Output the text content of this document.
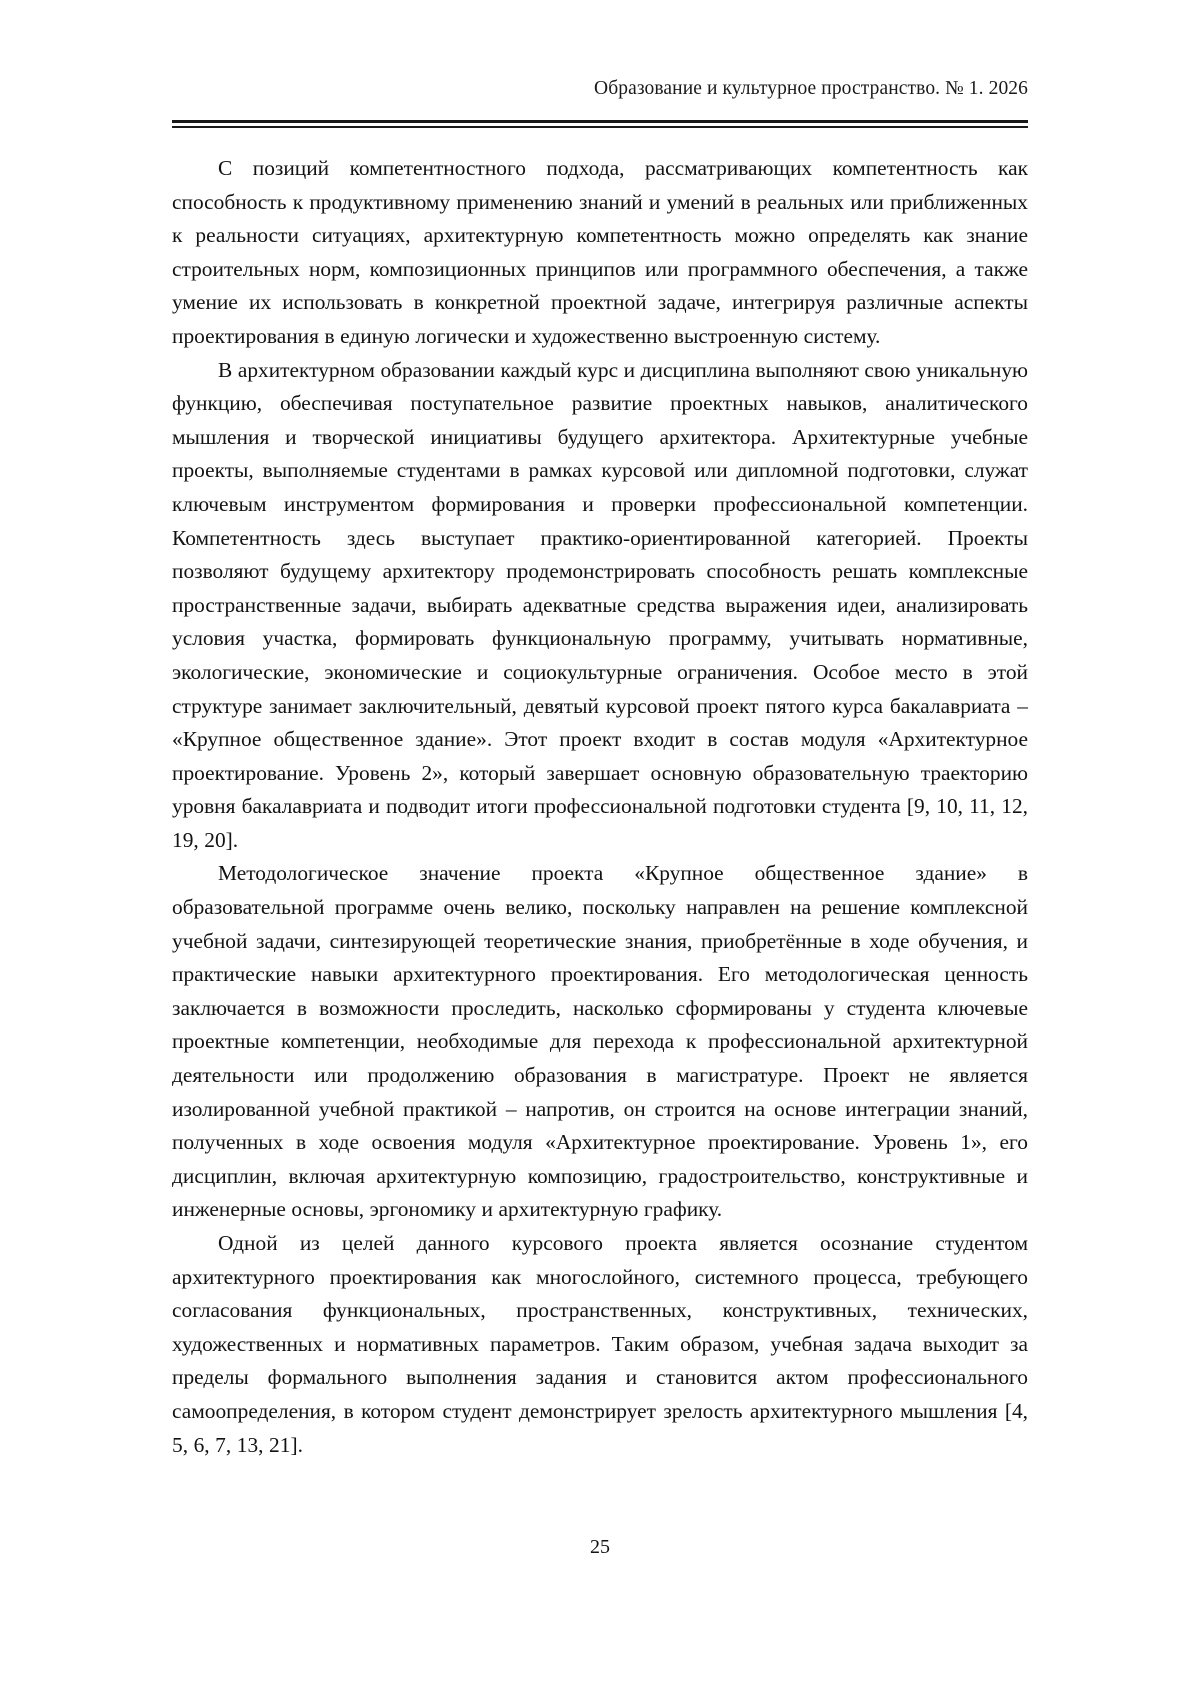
Образование и культурное пространство. № 1. 2026

С позиций компетентностного подхода, рассматривающих компетентность как способность к продуктивному применению знаний и умений в реальных или приближенных к реальности ситуациях, архитектурную компетентность можно определять как знание строительных норм, композиционных принципов или программного обеспечения, а также умение их использовать в конкретной проектной задаче, интегрируя различные аспекты проектирования в единую логически и художественно выстроенную систему.

В архитектурном образовании каждый курс и дисциплина выполняют свою уникальную функцию, обеспечивая поступательное развитие проектных навыков, аналитического мышления и творческой инициативы будущего архитектора. Архитектурные учебные проекты, выполняемые студентами в рамках курсовой или дипломной подготовки, служат ключевым инструментом формирования и проверки профессиональной компетенции. Компетентность здесь выступает практико-ориентированной категорией. Проекты позволяют будущему архитектору продемонстрировать способность решать комплексные пространственные задачи, выбирать адекватные средства выражения идеи, анализировать условия участка, формировать функциональную программу, учитывать нормативные, экологические, экономические и социокультурные ограничения. Особое место в этой структуре занимает заключительный, девятый курсовой проект пятого курса бакалавриата – «Крупное общественное здание». Этот проект входит в состав модуля «Архитектурное проектирование. Уровень 2», который завершает основную образовательную траекторию уровня бакалавриата и подводит итоги профессиональной подготовки студента [9, 10, 11, 12, 19, 20].

Методологическое значение проекта «Крупное общественное здание» в образовательной программе очень велико, поскольку направлен на решение комплексной учебной задачи, синтезирующей теоретические знания, приобретённые в ходе обучения, и практические навыки архитектурного проектирования. Его методологическая ценность заключается в возможности проследить, насколько сформированы у студента ключевые проектные компетенции, необходимые для перехода к профессиональной архитектурной деятельности или продолжению образования в магистратуре. Проект не является изолированной учебной практикой – напротив, он строится на основе интеграции знаний, полученных в ходе освоения модуля «Архитектурное проектирование. Уровень 1», его дисциплин, включая архитектурную композицию, градостроительство, конструктивные и инженерные основы, эргономику и архитектурную графику.

Одной из целей данного курсового проекта является осознание студентом архитектурного проектирования как многослойного, системного процесса, требующего согласования функциональных, пространственных, конструктивных, технических, художественных и нормативных параметров. Таким образом, учебная задача выходит за пределы формального выполнения задания и становится актом профессионального самоопределения, в котором студент демонстрирует зрелость архитектурного мышления [4, 5, 6, 7, 13, 21].

25
